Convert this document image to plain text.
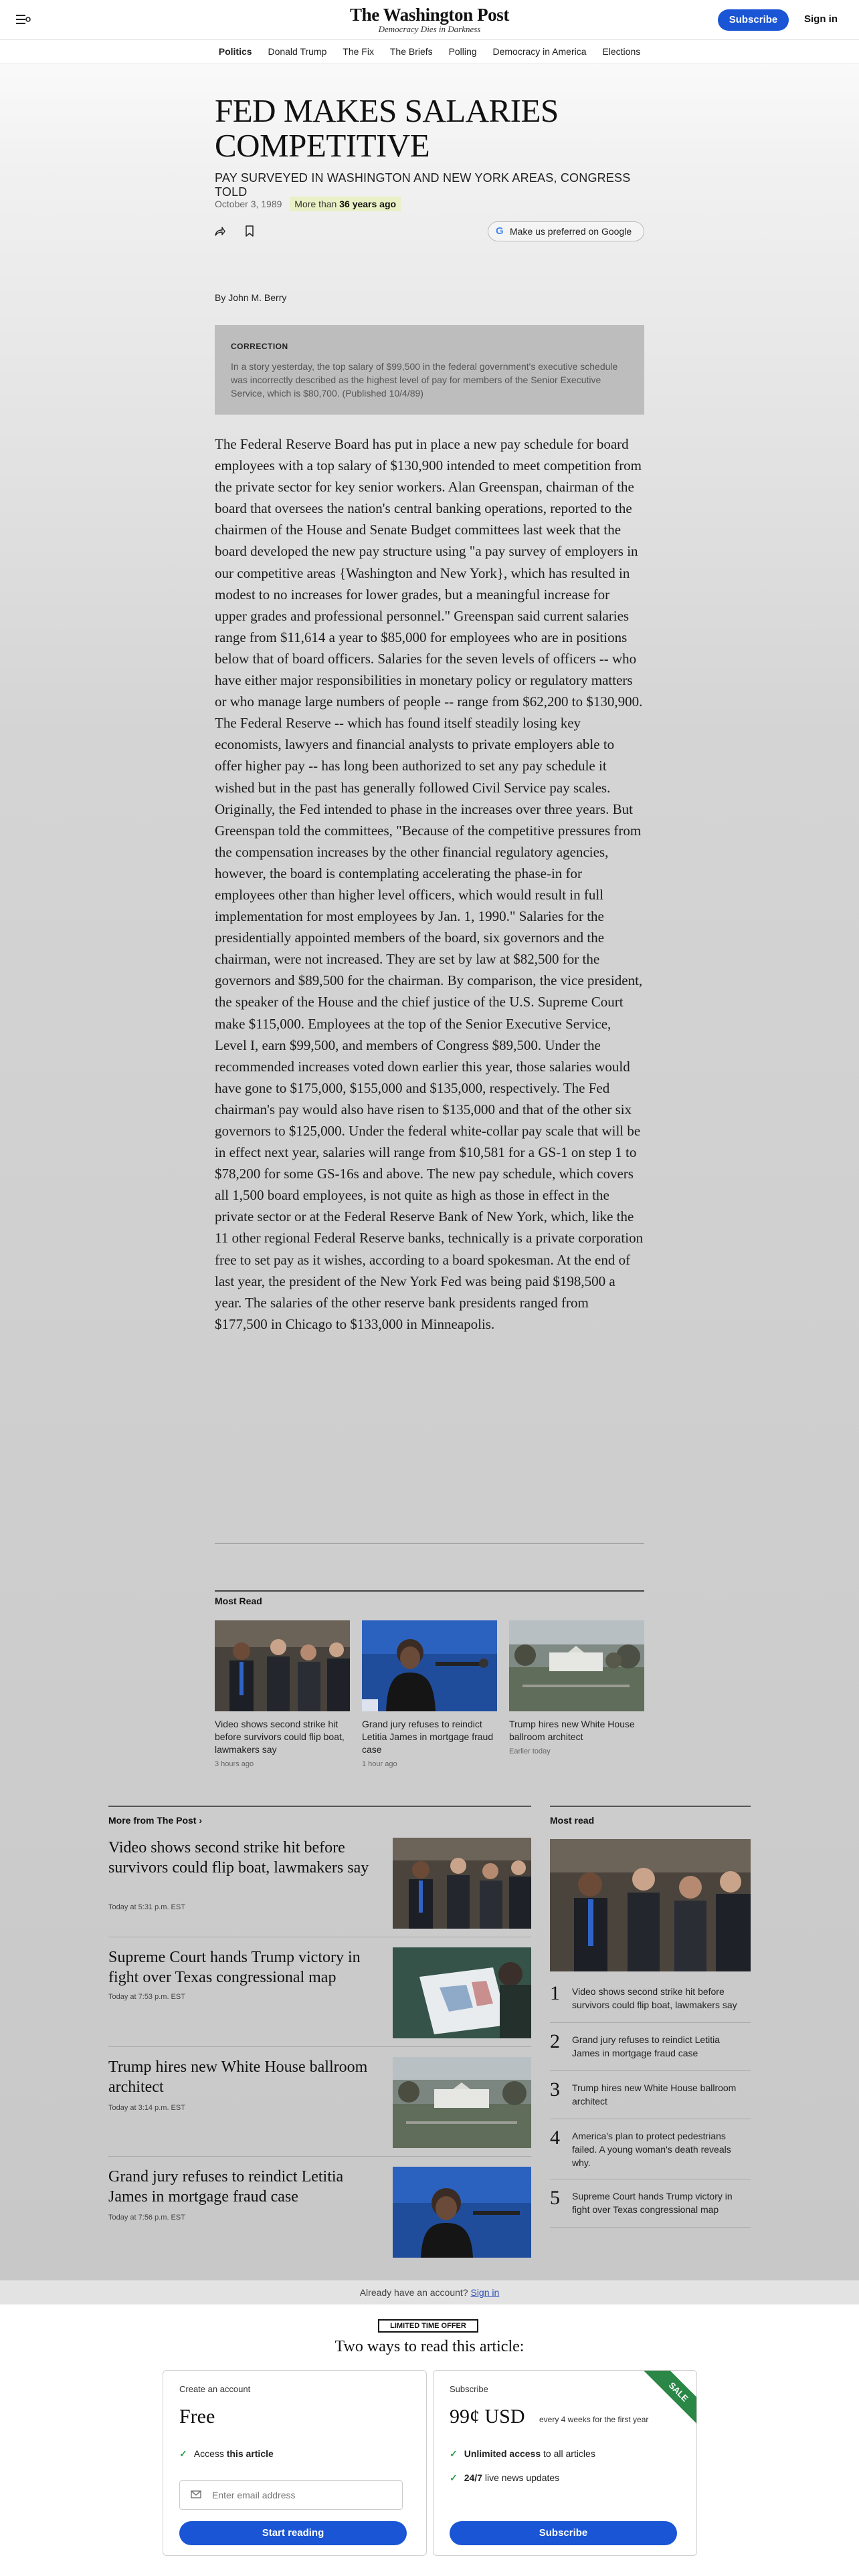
The Washington Post
Democracy Dies in Darkness
Subscribe	Sign in
Politics Donald Trump The Fix The Briefs Polling Democracy in America Elections
FED MAKES SALARIES COMPETITIVE
PAY SURVEYED IN WASHINGTON AND NEW YORK AREAS, CONGRESS TOLD
October 3, 1989 More than 36 years ago
G Make us preferred on Google
By John M. Berry
CORRECTION

In a story yesterday, the top salary of $99,500 in the federal government's executive schedule was incorrectly described as the highest level of pay for members of the Senior Executive Service, which is $80,700. (Published 10/4/89)

The Federal Reserve Board has put in place a new pay schedule for board employees with a top salary of $130,900 intended to meet competition from the private sector for key senior workers. Alan Greenspan, chairman of the board that oversees the nation's central banking operations, reported to the chairmen of the House and Senate Budget committees last week that the board developed the new pay structure using "a pay survey of employers in our competitive areas {Washington and New York}, which has resulted in modest to no increases for lower grades, but a meaningful increase for upper grades and professional personnel." Greenspan said current salaries range from $11,614 a year to $85,000 for employees who are in positions below that of board officers. Salaries for the seven levels of officers -- who have either major responsibilities in monetary policy or regulatory matters or who manage large numbers of people -- range from $62,200 to $130,900. The Federal Reserve -- which has found itself steadily losing key economists, lawyers and financial analysts to private employers able to offer higher pay -- has long been authorized to set any pay schedule it wished but in the past has generally followed Civil Service pay scales. Originally, the Fed intended to phase in the increases over three years. But Greenspan told the committees, "Because of the competitive pressures from the compensation increases by the other financial regulatory agencies, however, the board is contemplating accelerating the phase-in for employees other than higher level officers, which would result in full implementation for most employees by Jan. 1, 1990." Salaries for the presidentially appointed members of the board, six governors and the chairman, were not increased. They are set by law at $82,500 for the governors and $89,500 for the chairman. By comparison, the vice president, the speaker of the House and the chief justice of the U.S. Supreme Court make $115,000. Employees at the top of the Senior Executive Service, Level I, earn $99,500, and members of Congress $89,500. Under the recommended increases voted down earlier this year, those salaries would have gone to $175,000, $155,000 and $135,000, respectively. The Fed chairman's pay would also have risen to $135,000 and that of the other six governors to $125,000. Under the federal white-collar pay scale that will be in effect next year, salaries will range from $10,581 for a GS-1 on step 1 to $78,200 for some GS-16s and above. The new pay schedule, which covers all 1,500 board employees, is not quite as high as those in effect in the private sector or at the Federal Reserve Bank of New York, which, like the 11 other regional Federal Reserve banks, technically is a private corporation free to set pay as it wishes, according to a board spokesman. At the end of last year, the president of the New York Fed was being paid $198,500 a year. The salaries of the other reserve bank presidents ranged from $177,500 in Chicago to $133,000 in Minneapolis.

Most Read
Video shows second strike hit before survivors could flip boat, lawmakers say
3 hours ago
Grand jury refuses to reindict Letitia James in mortgage fraud case
1 hour ago
Trump hires new White House ballroom architect
Earlier today
More from The Post ›
Video shows second strike hit before survivors could flip boat, lawmakers say
Today at 5:31 p.m. EST
Supreme Court hands Trump victory in fight over Texas congressional map
Today at 7:53 p.m. EST
Trump hires new White House ballroom architect
Today at 3:14 p.m. EST
Grand jury refuses to reindict Letitia James in mortgage fraud case
Today at 7:56 p.m. EST
Most read
1 Video shows second strike hit before survivors could flip boat, lawmakers say
2 Grand jury refuses to reindict Letitia James in mortgage fraud case
3 Trump hires new White House ballroom architect
4 America's plan to protect pedestrians failed. A young woman's death reveals why.
5 Supreme Court hands Trump victory in fight over Texas congressional map
Already have an account? Sign in
LIMITED TIME OFFER
Two ways to read this article:
Create an account
Free
✓ Access this article
Enter email address
Start reading
SALE
Subscribe
99¢ USD every 4 weeks for the first year
✓ Unlimited access to all articles
✓ 24/7 live news updates
Subscribe
